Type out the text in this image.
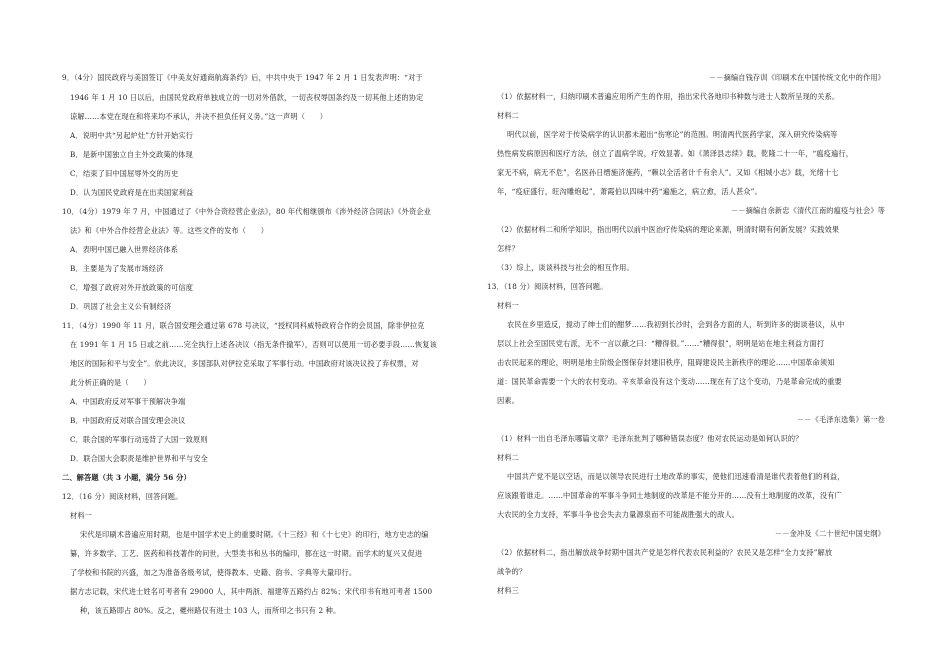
9．（4分）国民政府与美国签订《中美友好通商航海条约》后，中共中央于 1947 年 2 月 1 日发表声明：“对于
1946 年 1 月 10 日以后，由国民党政府单独成立的一切对外借款，一切丧权辱国条约及一切其他上述的协定
谅解……本党在现在和将来均不承认，并决不担负任何义务。”这一声明（　　）
A．说明中共“另起炉灶”方针开始实行
B．是新中国独立自主外交政策的体现
C．结束了旧中国屈辱外交的历史
D．认为国民党政府是在出卖国家利益
10．（4分）1979 年 7 月，中国通过了《中外合资经营企业法》，80 年代相继颁布《涉外经济合同法》《外资企业
法》和《中外合作经营企业法》等。这些文件的发布（　　）
A．表明中国已融入世界经济体系
B．主要是为了发展市场经济
C．增强了政府对外开放政策的可信度
D．巩固了社会主义公有制经济
11．（4分）1990 年 11 月，联合国安理会通过第 678 号决议，“授权同科威特政府合作的会员国，除非伊拉克
在 1991 年 1 月 15 日或之前……完全执行上述各决议（指无条件撤军），否则可以使用一切必要手段……恢复该
地区的国际和平与安全”。依此决议，多国部队对伊拉克采取了军事行动。中国政府对该决议投了弃权票，对
此分析正确的是（　　）
A．中国政府反对军事干预解决争端
B．中国政府反对联合国安理会决议
C．联合国的军事行动违背了大国一致原则
D．联合国大会职责是维护世界和平与安全
二、解答题（共 3 小题，满分 56 分）
12．（16 分）阅读材料，回答问题。
材料一
宋代是印刷术普遍应用时期，也是中国学术史上的重要时期。《十三经》和《十七史》的印行，地方史志的编
纂，许多数学、工艺、医药和科技著作的问世，大型类书和丛书的编印，都在这一时期。而学术的复兴又促进
了学校和书院的兴盛，加之为准备各级考试，使得教本、史籍、韵书、字典等大量印行。
据方志记载，宋代进士姓名可考者有 29000 人，其中两浙、福建等五路约占 82%；宋代印书有地可考者 1500
种，该五路即占 80%。反之，夔州路仅有进士 103 人，而所印之书只有 2 种。
－－摘编自钱存训《印刷术在中国传统文化中的作用》
（1）依据材料一，归纳印刷术普遍应用所产生的作用，指出宋代各地印书种数与进士人数所呈现的关系。
材料二
明代以前，医学对于传染病学的认识都未超出“伤寒论”的范围。明清两代医药学家，深入研究传染病等
热性病发病原因和医疗方法，创立了温病学说，疗效显著。如《萧泽县志续》载，乾隆二十一年，“瘟疫遍行，
家无不病，病无不危”，名医孙日缙施济施药，“赖以全活者计千有余人”。又如《相城小志》载，光绪十七
年，“疫症盛行，旺沟雕炮起”，萧霞伯以四味中药“遍施之，病立愈，活人甚众”。
－－摘编自余新忠《清代江南的瘟疫与社会》等
（2）依据材料二和所学知识，指出明代以前中医治疗传染病的理论来源，明清时期有何新发展？实践效果
怎样？
（3）综上，谈谈科技与社会的相互作用。
13．（18 分）阅读材料，回答问题。
材料一
农民在乡里造反，搅动了绅士们的酣梦……我初到长沙时，会到各方面的人，听到许多的街谈巷议，从中
层以上社会至国民党右派，无不一言以蔽之曰：“糟得很。”……“糟得很”，明明是站在地主利益方面打
击农民起来的理论，明明是地主阶级企图保存封建旧秩序，阻碍建设民主新秩序的理论……中国革命须知
道：国民革命需要一个大的农村变动。辛亥革命没有这个变动……现在有了这个变动，乃是革命完成的重要
因素。
－－《毛泽东选集》第一卷
（1）材料一出自毛泽东哪篇文章？毛泽东批判了哪种错误态度？他对农民运动是如何认识的？
材料二
中国共产党不是以空话，而是以领导农民进行土地改革的事实，使他们迅速看清是谁代表着他们的利益，
应该跟着谁走。……中国革命的军事斗争同土地制度的改革是不能分开的……没有土地制度的改革，没有广
大农民的全力支持，军事斗争也会失去力量源泉而不可能战胜强大的敌人。
－－金冲及《二十世纪中国史纲》
（2）依据材料二，指出解放战争时期中国共产党是怎样代表农民利益的？农民又是怎样“全力支持”解放
战争的？
材料三
